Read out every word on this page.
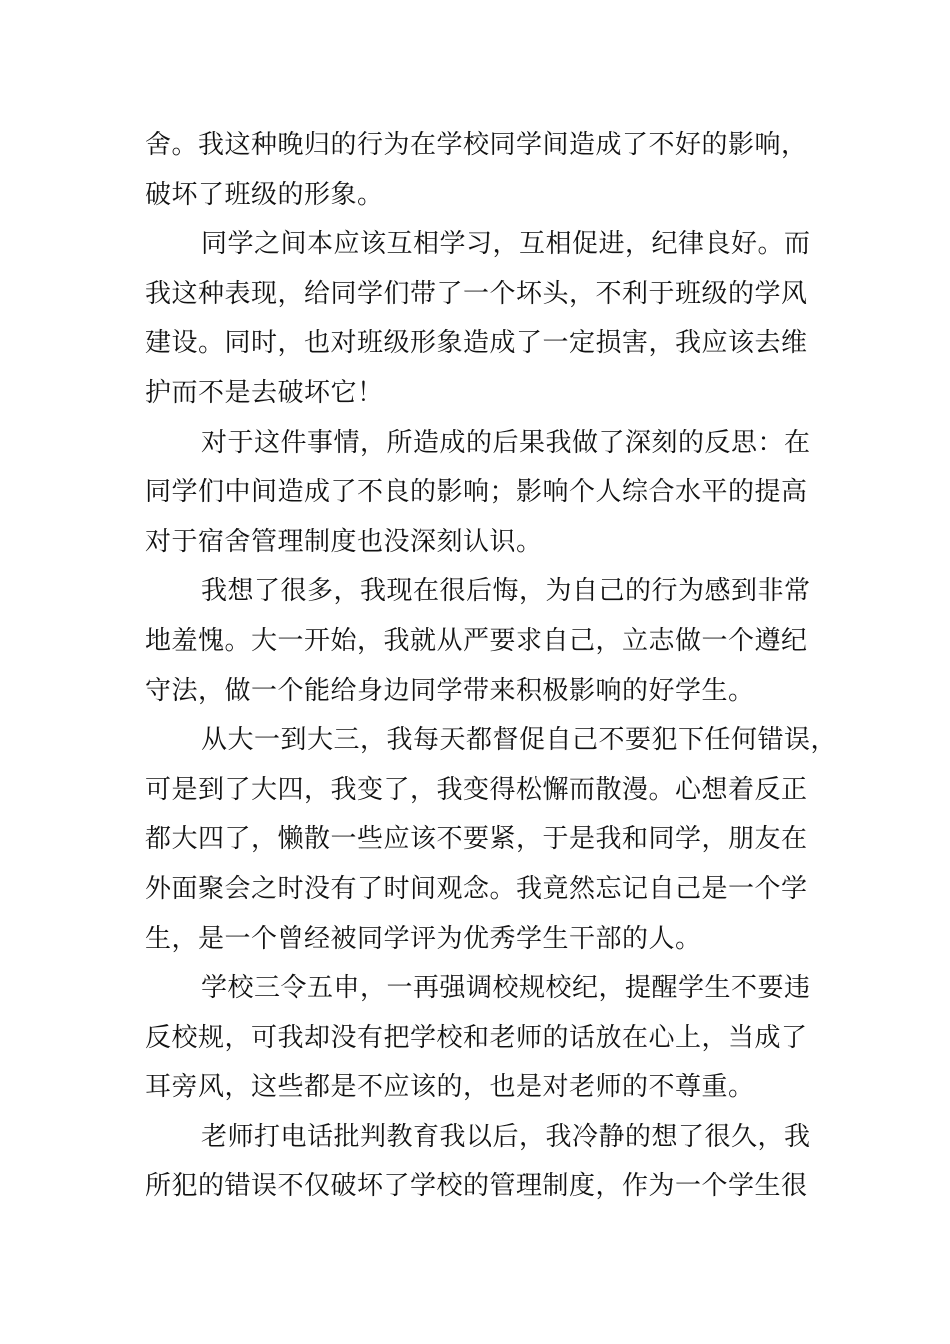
舍。我这种晚归的行为在学校同学间造成了不好的影响，
破坏了班级的形象。
同学之间本应该互相学习，互相促进，纪律良好。而
我这种表现，给同学们带了一个坏头，不利于班级的学风
建设。同时，也对班级形象造成了一定损害，我应该去维
护而不是去破坏它！
对于这件事情，所造成的后果我做了深刻的反思：在
同学们中间造成了不良的影响；影响个人综合水平的提高
对于宿舍管理制度也没深刻认识。
我想了很多，我现在很后悔，为自己的行为感到非常
地羞愧。大一开始，我就从严要求自己，立志做一个遵纪
守法，做一个能给身边同学带来积极影响的好学生。
从大一到大三，我每天都督促自己不要犯下任何错误，
可是到了大四，我变了，我变得松懈而散漫。心想着反正
都大四了，懒散一些应该不要紧，于是我和同学，朋友在
外面聚会之时没有了时间观念。我竟然忘记自己是一个学
生，是一个曾经被同学评为优秀学生干部的人。
学校三令五申，一再强调校规校纪，提醒学生不要违
反校规，可我却没有把学校和老师的话放在心上，当成了
耳旁风，这些都是不应该的，也是对老师的不尊重。
老师打电话批判教育我以后，我冷静的想了很久，我
所犯的错误不仅破坏了学校的管理制度，作为一个学生很
